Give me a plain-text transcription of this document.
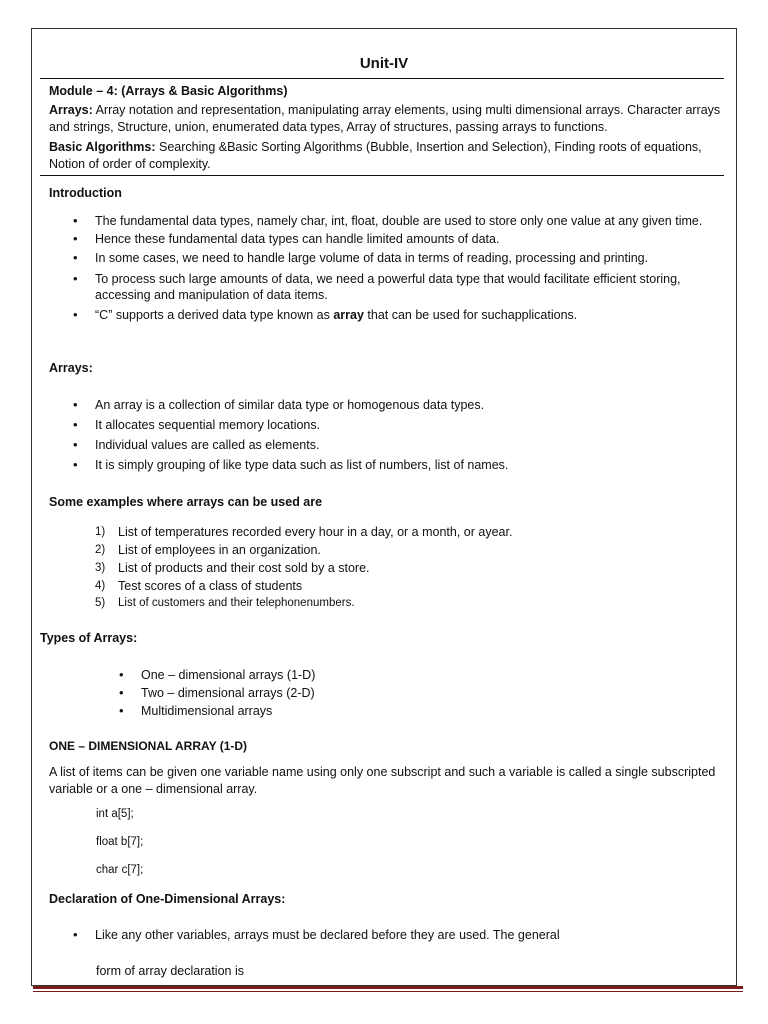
Unit-IV
Module – 4: (Arrays & Basic Algorithms)

Arrays: Array notation and representation, manipulating array elements, using multi dimensional arrays. Character arrays and strings, Structure, union, enumerated data types, Array of structures, passing arrays to functions.

Basic Algorithms: Searching &Basic Sorting Algorithms (Bubble, Insertion and Selection), Finding roots of equations, Notion of order of complexity.

Introduction
• The fundamental data types, namely char, int, float, double are used to store only one value at any given time.
• Hence these fundamental data types can handle limited amounts of data.
• In some cases, we need to handle large volume of data in terms of reading, processing and printing.
• To process such large amounts of data, we need a powerful data type that would facilitate efficient storing, accessing and manipulation of data items.
• “C” supports a derived data type known as array that can be used for suchapplications.
Arrays:
• An array is a collection of similar data type or homogenous data types.
• It allocates sequential memory locations.
• Individual values are called as elements.
• It is simply grouping of like type data such as list of numbers, list of names.
Some examples where arrays can be used are
1) List of temperatures recorded every hour in a day, or a month, or ayear.
2) List of employees in an organization.
3) List of products and their cost sold by a store.
4) Test scores of a class of students
5) List of customers and their telephonenumbers.
Types of Arrays:
• One – dimensional arrays (1-D)
• Two – dimensional arrays (2-D)
• Multidimensional arrays
ONE – DIMENSIONAL ARRAY (1-D)

A list of items can be given one variable name using only one subscript and such a variable is called a single subscripted variable or a one – dimensional array.

int a[5];
float b[7];
char c[7];
Declaration of One-Dimensional Arrays:
• Like any other variables, arrays must be declared before they are used. The general
form of array declaration is
